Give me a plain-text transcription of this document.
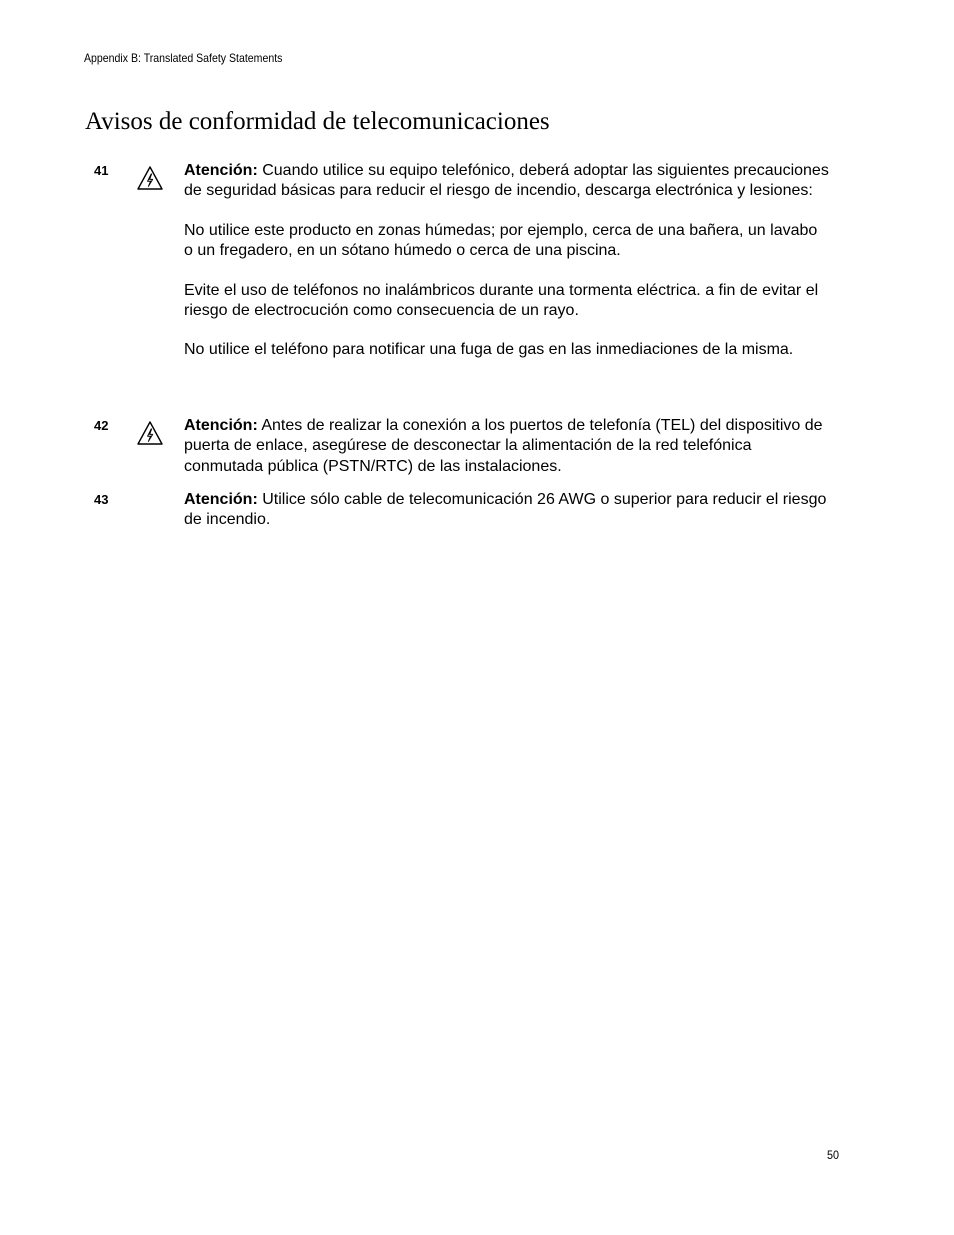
Appendix B: Translated Safety Statements
Avisos de conformidad de telecomunicaciones
41	Atención: Cuando utilice su equipo telefónico, deberá adoptar las siguientes precauciones de seguridad básicas para reducir el riesgo de incendio, descarga electrónica y lesiones:

No utilice este producto en zonas húmedas; por ejemplo, cerca de una bañera, un lavabo o un fregadero, en un sótano húmedo o cerca de una piscina.

Evite el uso de teléfonos no inalámbricos durante una tormenta eléctrica. a fin de evitar el riesgo de electrocución como consecuencia de un rayo.

No utilice el teléfono para notificar una fuga de gas en las inmediaciones de la misma.

42	Atención: Antes de realizar la conexión a los puertos de telefonía (TEL) del dispositivo de puerta de enlace, asegúrese de desconectar la alimentación de la red telefónica conmutada pública (PSTN/RTC) de las instalaciones.

43	Atención: Utilice sólo cable de telecomunicación 26 AWG o superior para reducir el riesgo de incendio.

50
